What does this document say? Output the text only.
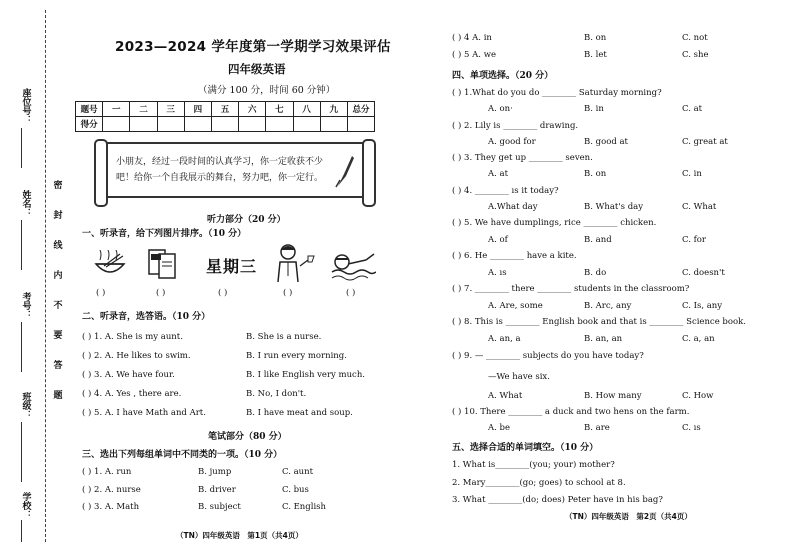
座位号：
姓名：
考号：
班级：
学校：
密
封
线
内
不
要
答
题
2023—2024 学年度第一学期学习效果评估
四年级英语
（满分 100 分，时间 60 分钟）
题号	一	二	三	四	五	六	七	八	九	总分
得分										
小朋友，经过一段时间的认真学习，你一定收获不少吧！给你一个自我展示的舞台，努力吧，你一定行。
听力部分（20 分）
一、听录音，给下列图片排序。（10 分）
星期三
( )	( )	( )	( )	( )
二、听录音，选答语。（10 分）
( ) 1. A. She is my aunt.	B. She is a nurse.
( ) 2. A. He likes to swim.	B. I run every morning.
( ) 3. A. We have four.	B. I like English very much.
( ) 4. A. Yes , there are.	B. No, I don't.
( ) 5. A. I have Math and Art.	B. I have meat and soup.
笔试部分（80 分）
三、选出下列每组单词中不同类的一项。（10 分）
( ) 1. A. run	B. jump	C. aunt
( ) 2. A. nurse	B. driver	C. bus
( ) 3. A. Math	B. subject	C. English
（TN）四年级英语　第1页（共4页）
( ) 4 A. in	B. on	C. not
( ) 5 A. we	B. let	C. she
四、单项选择。（20 分）
( ) 1.What do you do ________ Saturday morning?
A. on·	B. in	C. at
( ) 2. Lily is ________ drawing.
A. good for	B. good at	C. great at
( ) 3. They get up ________ seven.
A. at	B. on	C. in
( ) 4. ________ ıs it today?
A.What day	B. What's day	C. What
( ) 5. We have dumplings, rice ________ chicken.
A. of	B. and	C. for
( ) 6. He ________ have a kite.
A. ıs	B. do	C. doesn't
( ) 7. ________ there ________ students in the classroom?
A. Are, some	B. Arc, any	C. Is, any
( ) 8. This is ________ English book and that is ________ Science book.
A. an, a	B. an, an	C. a, an
( ) 9. — ________ subjects do you have today?
—We have six.
A. What	B. How many	C. How
( ) 10. There ________ a duck and two hens on the farm.
A. be	B. are	C. ıs
五、选择合适的单词填空。（10 分）
1. What is________(you; your) mother?
2. Mary________(go; goes) to school at 8.
3. What ________(do; does) Peter have in his bag?
（TN）四年级英语　第2页（共4页）
